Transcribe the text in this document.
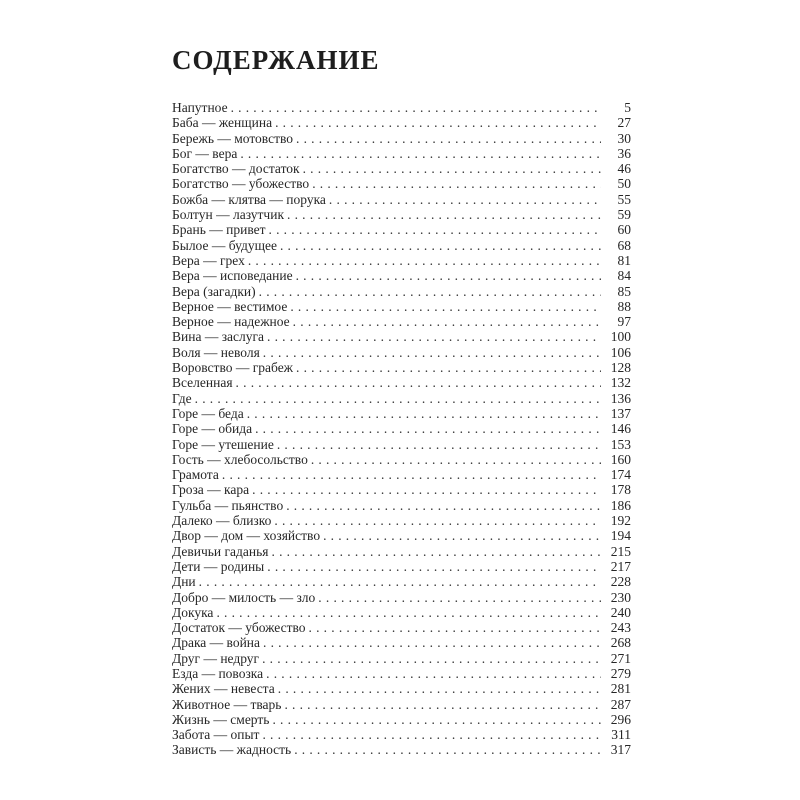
СОДЕРЖАНИЕ
Напутное .....	5
Баба — женщина .....	27
Бережь — мотовство .....	30
Бог — вера .....	36
Богатство — достаток .....	46
Богатство — убожество .....	50
Божба — клятва — порука .....	55
Болтун — лазутчик .....	59
Брань — привет .....	60
Былое — будущее .....	68
Вера — грех .....	81
Вера — исповедание .....	84
Вера (загадки) .....	85
Верное — вестимое .....	88
Верное — надежное .....	97
Вина — заслуга .....	100
Воля — неволя .....	106
Воровство — грабеж .....	128
Вселенная .....	132
Где .....	136
Горе — беда .....	137
Горе — обида .....	146
Горе — утешение .....	153
Гость — хлебосольство .....	160
Грамота .....	174
Гроза — кара .....	178
Гульба — пьянство .....	186
Далеко — близко .....	192
Двор — дом — хозяйство .....	194
Девичьи гаданья .....	215
Дети — родины .....	217
Дни .....	228
Добро — милость — зло .....	230
Докука .....	240
Достаток — убожество .....	243
Драка — война .....	268
Друг — недруг .....	271
Езда — повозка .....	279
Жених — невеста .....	281
Животное — тварь .....	287
Жизнь — смерть .....	296
Забота — опыт .....	311
Зависть — жадность .....	317
